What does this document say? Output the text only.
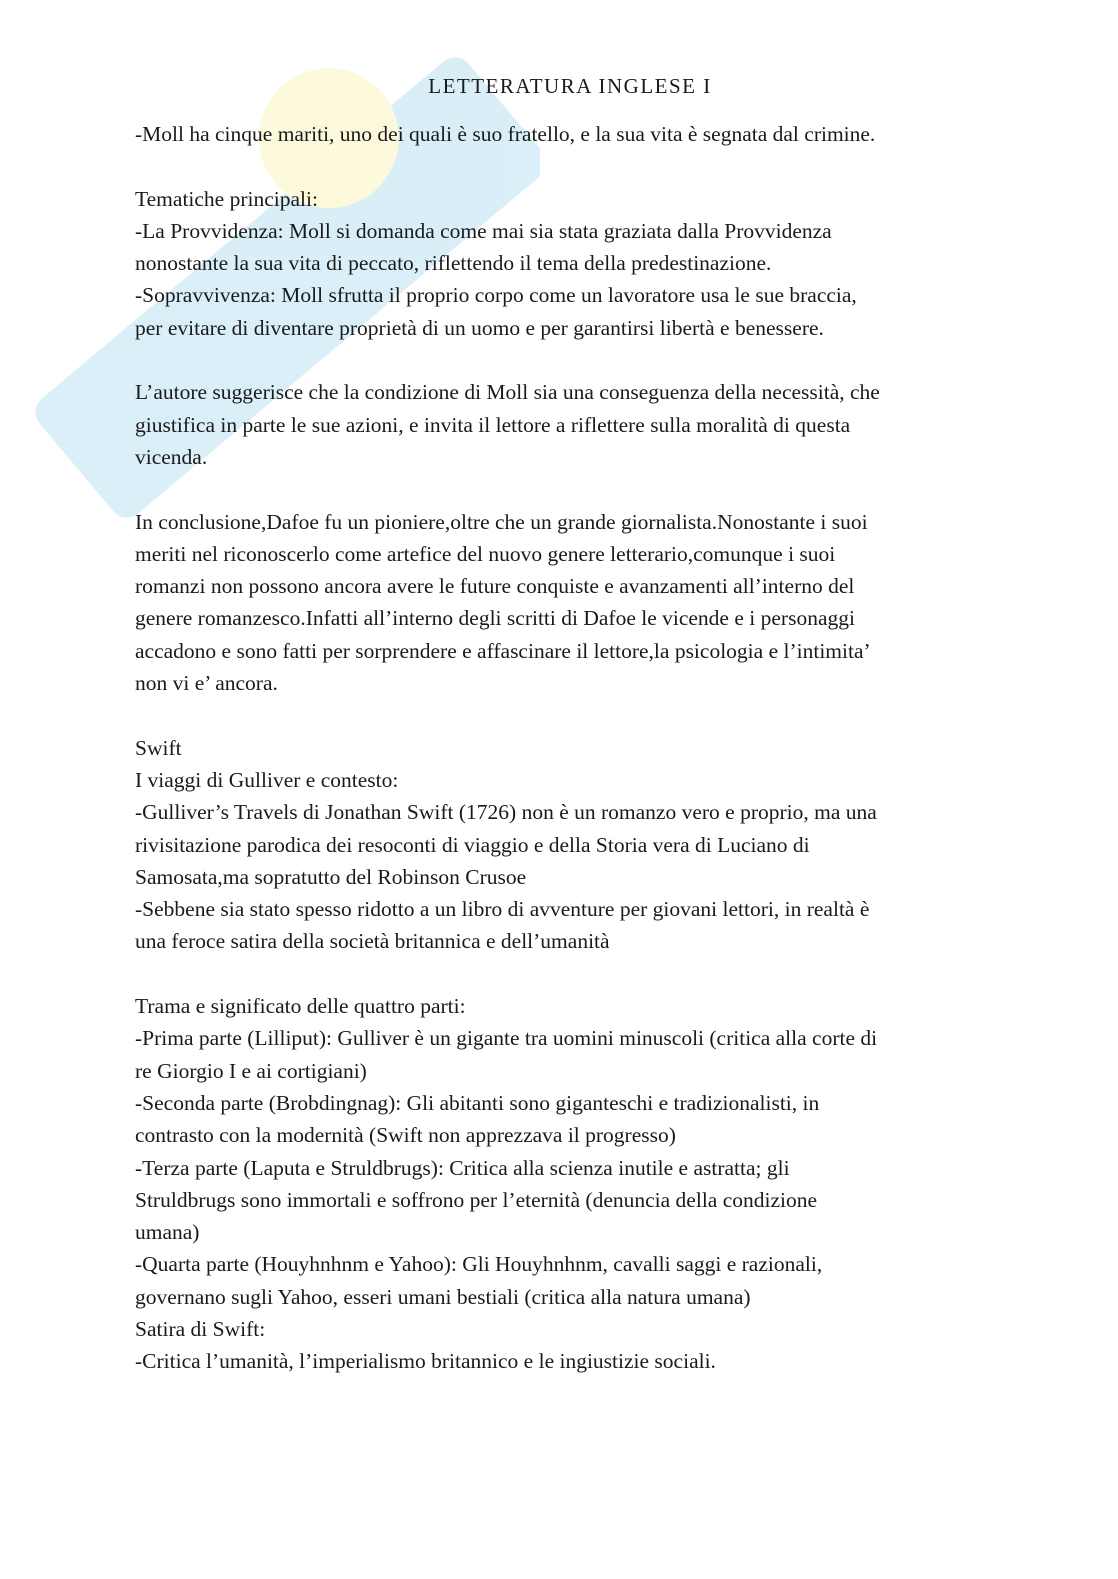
LETTERATURA INGLESE I

-Moll ha cinque mariti, uno dei quali è suo fratello, e la sua vita è segnata dal crimine.

Tematiche principali:

-La Provvidenza: Moll si domanda come mai sia stata graziata dalla Provvidenza

nonostante la sua vita di peccato, riflettendo il tema della predestinazione.

-Sopravvivenza: Moll sfrutta il proprio corpo come un lavoratore usa le sue braccia,

per evitare di diventare proprietà di un uomo e per garantirsi libertà e benessere.

L’autore suggerisce che la condizione di Moll sia una conseguenza della necessità, che

giustifica in parte le sue azioni, e invita il lettore a riflettere sulla moralità di questa

vicenda.

In conclusione,Dafoe fu un pioniere,oltre che un grande giornalista.Nonostante i suoi

meriti nel riconoscerlo come artefice del nuovo genere letterario,comunque i suoi

romanzi non possono ancora avere le future conquiste e avanzamenti all’interno del

genere romanzesco.Infatti all’interno degli scritti di Dafoe le vicende e i personaggi

accadono e sono fatti per sorprendere e affascinare il lettore,la psicologia e l’intimita’

non vi e’ ancora.

Swift

I viaggi di Gulliver e contesto:

-Gulliver’s Travels di Jonathan Swift (1726) non è un romanzo vero e proprio, ma una

rivisitazione parodica dei resoconti di viaggio e della Storia vera di Luciano di

Samosata,ma sopratutto del Robinson Crusoe

-Sebbene sia stato spesso ridotto a un libro di avventure per giovani lettori, in realtà è

una feroce satira della società britannica e dell’umanità

Trama e significato delle quattro parti:

-Prima parte (Lilliput): Gulliver è un gigante tra uomini minuscoli (critica alla corte di

re Giorgio I e ai cortigiani)

-Seconda parte (Brobdingnag): Gli abitanti sono giganteschi e tradizionalisti, in

contrasto con la modernità (Swift non apprezzava il progresso)

-Terza parte (Laputa e Struldbrugs): Critica alla scienza inutile e astratta; gli

Struldbrugs sono immortali e soffrono per l’eternità (denuncia della condizione

umana)

-Quarta parte (Houyhnhnm e Yahoo): Gli Houyhnhnm, cavalli saggi e razionali,

governano sugli Yahoo, esseri umani bestiali (critica alla natura umana)

Satira di Swift:

-Critica l’umanità, l’imperialismo britannico e le ingiustizie sociali.
